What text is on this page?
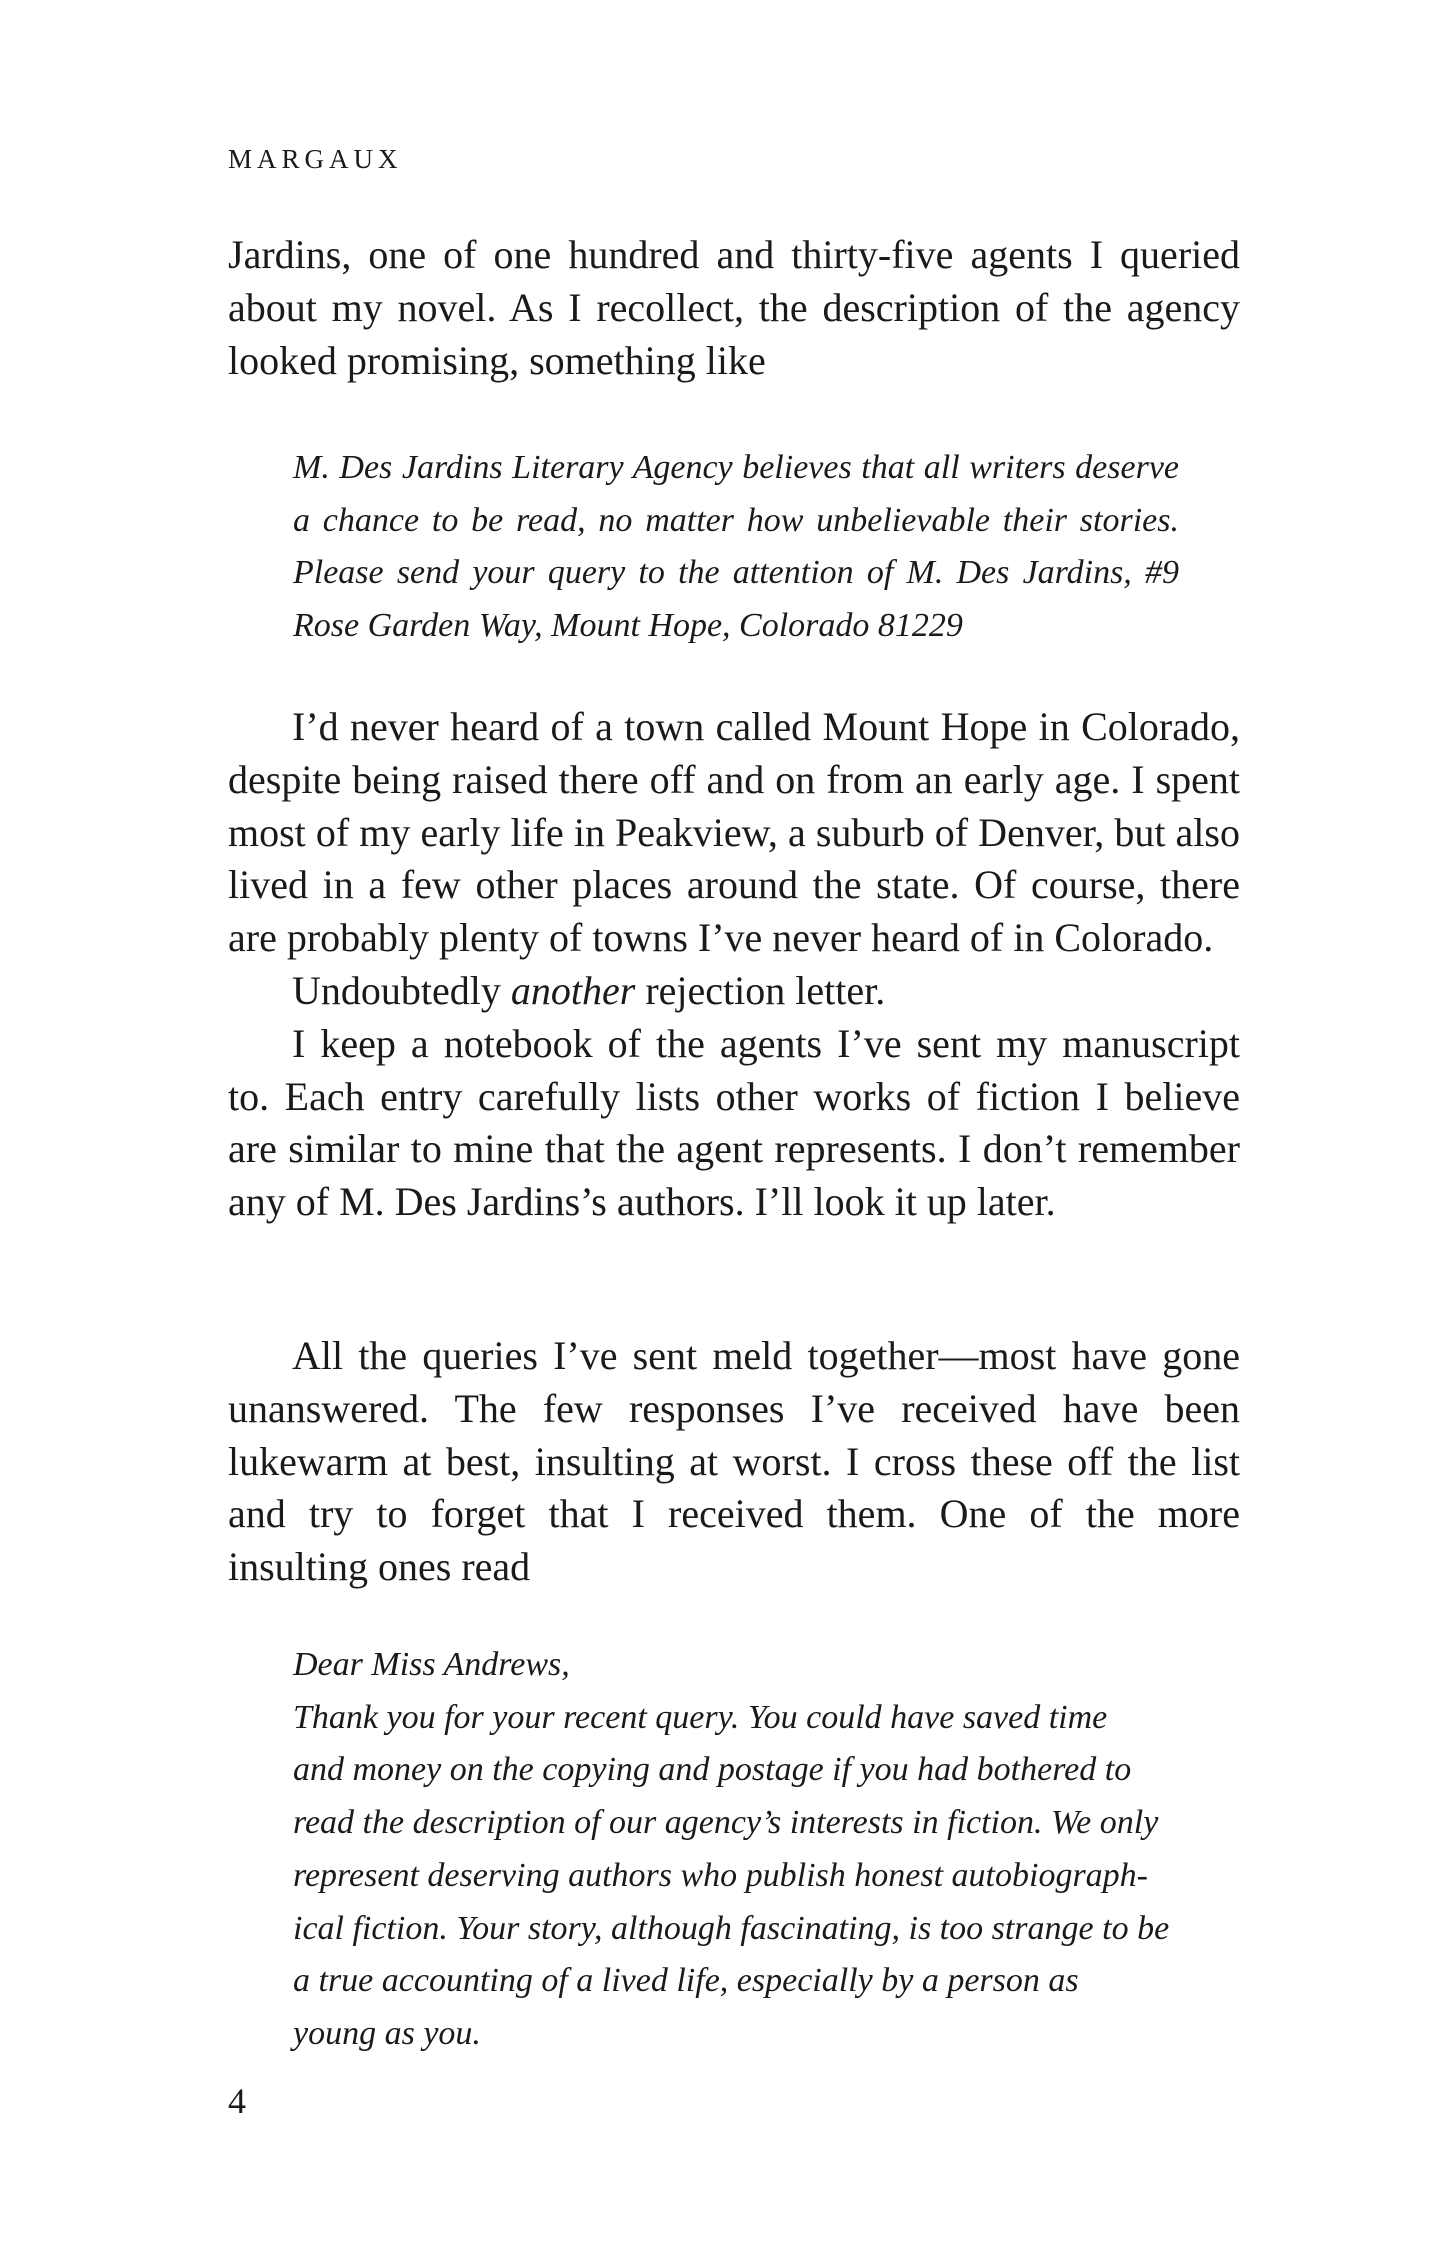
MARGAUX

Jardins, one of one hundred and thirty-five agents I queried about my novel. As I recollect, the description of the agency looked promising, something like

M. Des Jardins Literary Agency believes that all writers deserve a chance to be read, no matter how unbelievable their stories. Please send your query to the attention of M. Des Jardins, #9 Rose Garden Way, Mount Hope, Colorado 81229

I’d never heard of a town called Mount Hope in Colorado, despite being raised there off and on from an early age. I spent most of my early life in Peakview, a suburb of Denver, but also lived in a few other places around the state. Of course, there are probably plenty of towns I’ve never heard of in Colorado.

Undoubtedly another rejection letter.

I keep a notebook of the agents I’ve sent my manuscript to. Each entry carefully lists other works of fiction I believe are similar to mine that the agent represents. I don’t remember any of M. Des Jardins’s authors. I’ll look it up later.

All the queries I’ve sent meld together—most have gone unanswered. The few responses I’ve received have been lukewarm at best, insulting at worst. I cross these off the list and try to forget that I received them. One of the more insulting ones read

Dear Miss Andrews,

Thank you for your recent query. You could have saved time
and money on the copying and postage if you had bothered to
read the description of our agency’s interests in fiction. We only
represent deserving authors who publish honest autobiograph-
ical fiction. Your story, although fascinating, is too strange to be
a true accounting of a lived life, especially by a person as
young as you.

4
